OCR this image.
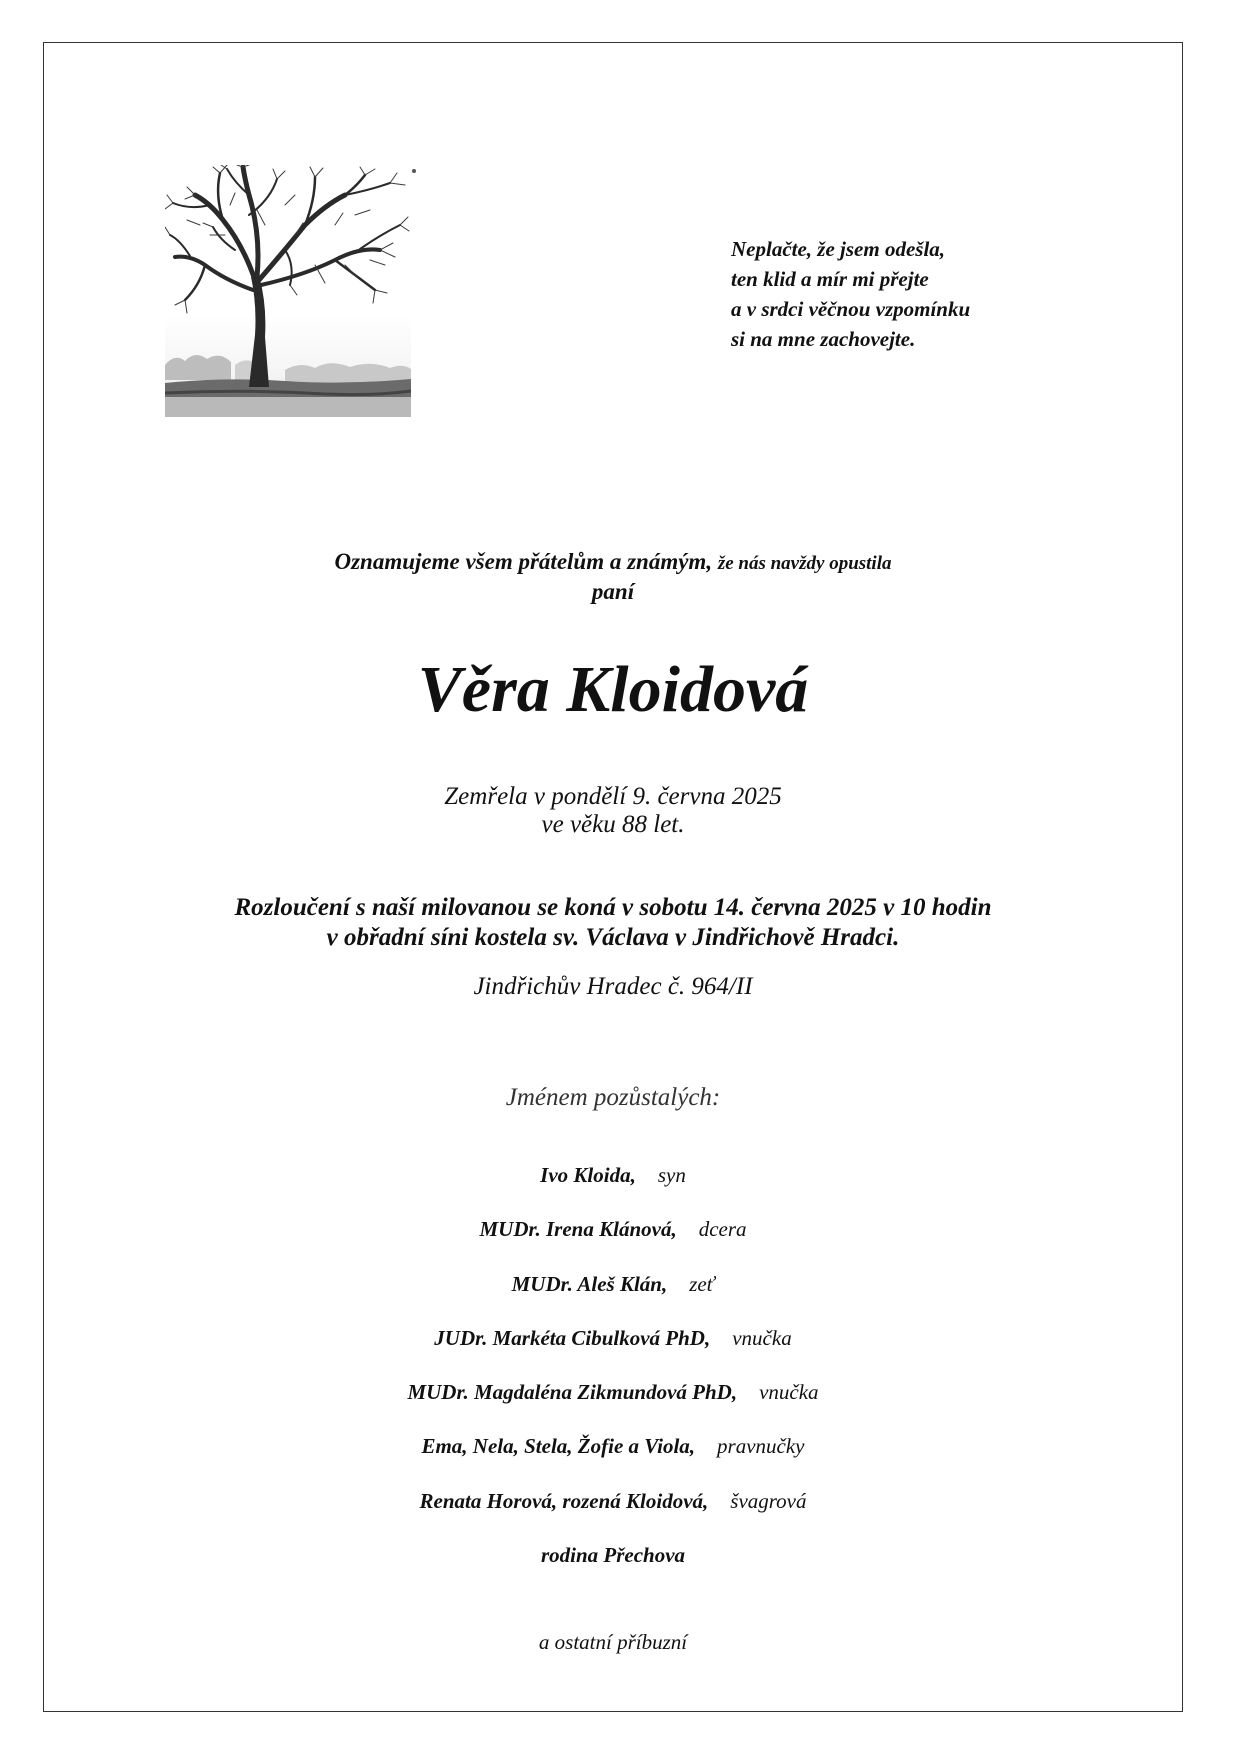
Neplačte, že jsem odešla,
ten klid a mír mi přejte
a v srdci věčnou vzpomínku
si na mne zachovejte.
Oznamujeme všem přátelům a známým, že nás navždy opustila
paní
Věra Kloidová
Zemřela v pondělí 9. června 2025
ve věku 88 let.
Rozloučení s naší milovanou se koná v sobotu 14. června 2025 v 10 hodin
v obřadní síni kostela sv. Václava v Jindřichově Hradci.
Jindřichův Hradec č. 964/II
Jménem pozůstalých:
Ivo Kloida, syn
MUDr. Irena Klánová, dcera
MUDr. Aleš Klán, zeť
JUDr. Markéta Cibulková PhD, vnučka
MUDr. Magdaléna Zikmundová PhD, vnučka
Ema, Nela, Stela, Žofie a Viola, pravnučky
Renata Horová, rozená Kloidová, švagrová
rodina Přechova
a ostatní příbuzní
